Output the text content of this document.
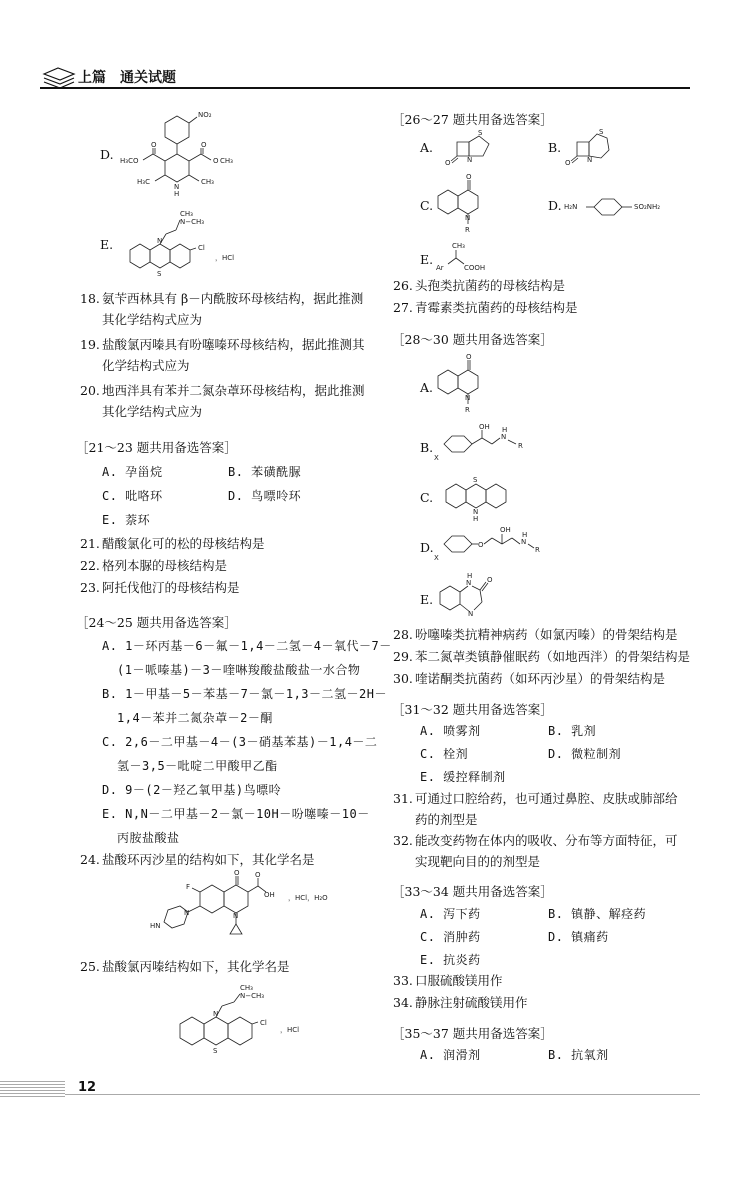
上篇　通关试题
D.
NO₂
H₃CO	O CH₃
O
O
CH₃
H₃C
N
H
E.	N
S
Cl
CH₃
N−CH₃
，HCl
18. 氨苄西林具有 β－内酰胺环母核结构，据此推测
其化学结构式应为
19. 盐酸氯丙嗪具有吩噻嗪环母核结构，据此推测其
化学结构式应为
20. 地西泮具有苯并二氮杂䓬环母核结构，据此推测
其化学结构式应为
［21～23 题共用备选答案］
A. 孕甾烷	B. 苯磺酰脲
C. 吡咯环	D. 鸟嘌呤环
E. 萘环
21. 醋酸氯化可的松的母核结构是
22. 格列本脲的母核结构是
23. 阿托伐他汀的母核结构是
［24～25 题共用备选答案］
A. 1－环丙基－6－氟－1,4－二氢－4－氧代－7－
(1－哌嗪基)－3－喹啉羧酸盐酸盐一水合物
B. 1－甲基－5－苯基－7－氯－1,3－二氢－2H－
1,4－苯并二氮杂䓬－2－酮
C. 2,6－二甲基－4－(3－硝基苯基)－1,4－二
氢－3,5－吡啶二甲酸甲乙酯
D. 9－(2－羟乙氧甲基)鸟嘌呤
E. N,N－二甲基－2－氯－10H－吩噻嗪－10－
丙胺盐酸盐
24. 盐酸环丙沙星的结构如下，其化学名是
O O
OH
F
N
N
HN
，HCl，H₂O
25. 盐酸氯丙嗪结构如下，其化学名是
N
S
Cl
CH₃
N−CH₃
，HCl
［26～27 题共用备选答案］
A.
S
N
O
B.
S
N
O
C.
O
N
R
D. H₂N	SO₂NH₂
E.
CH₃
Ar	COOH
26. 头孢类抗菌药的母核结构是
27. 青霉素类抗菌药的母核结构是
［28～30 题共用备选答案］
A.
O
N
R
B.
OH
N
H
R
X
C.
S
N
H
D.	O
OH
N
H
R
X
E.
N
H O
N
28. 吩噻嗪类抗精神病药（如氯丙嗪）的骨架结构是
29. 苯二氮䓬类镇静催眠药（如地西泮）的骨架结构是
30. 喹诺酮类抗菌药（如环丙沙星）的骨架结构是
［31～32 题共用备选答案］
A. 喷雾剂	B. 乳剂
C. 栓剂	D. 微粒制剂
E. 缓控释制剂
31. 可通过口腔给药，也可通过鼻腔、皮肤或肺部给
药的剂型是
32. 能改变药物在体内的吸收、分布等方面特征，可
实现靶向目的的剂型是
［33～34 题共用备选答案］
A. 泻下药	B. 镇静、解痉药
C. 消肿药	D. 镇痛药
E. 抗炎药
33. 口服硫酸镁用作
34. 静脉注射硫酸镁用作
［35～37 题共用备选答案］
A. 润滑剂	B. 抗氧剂
12
